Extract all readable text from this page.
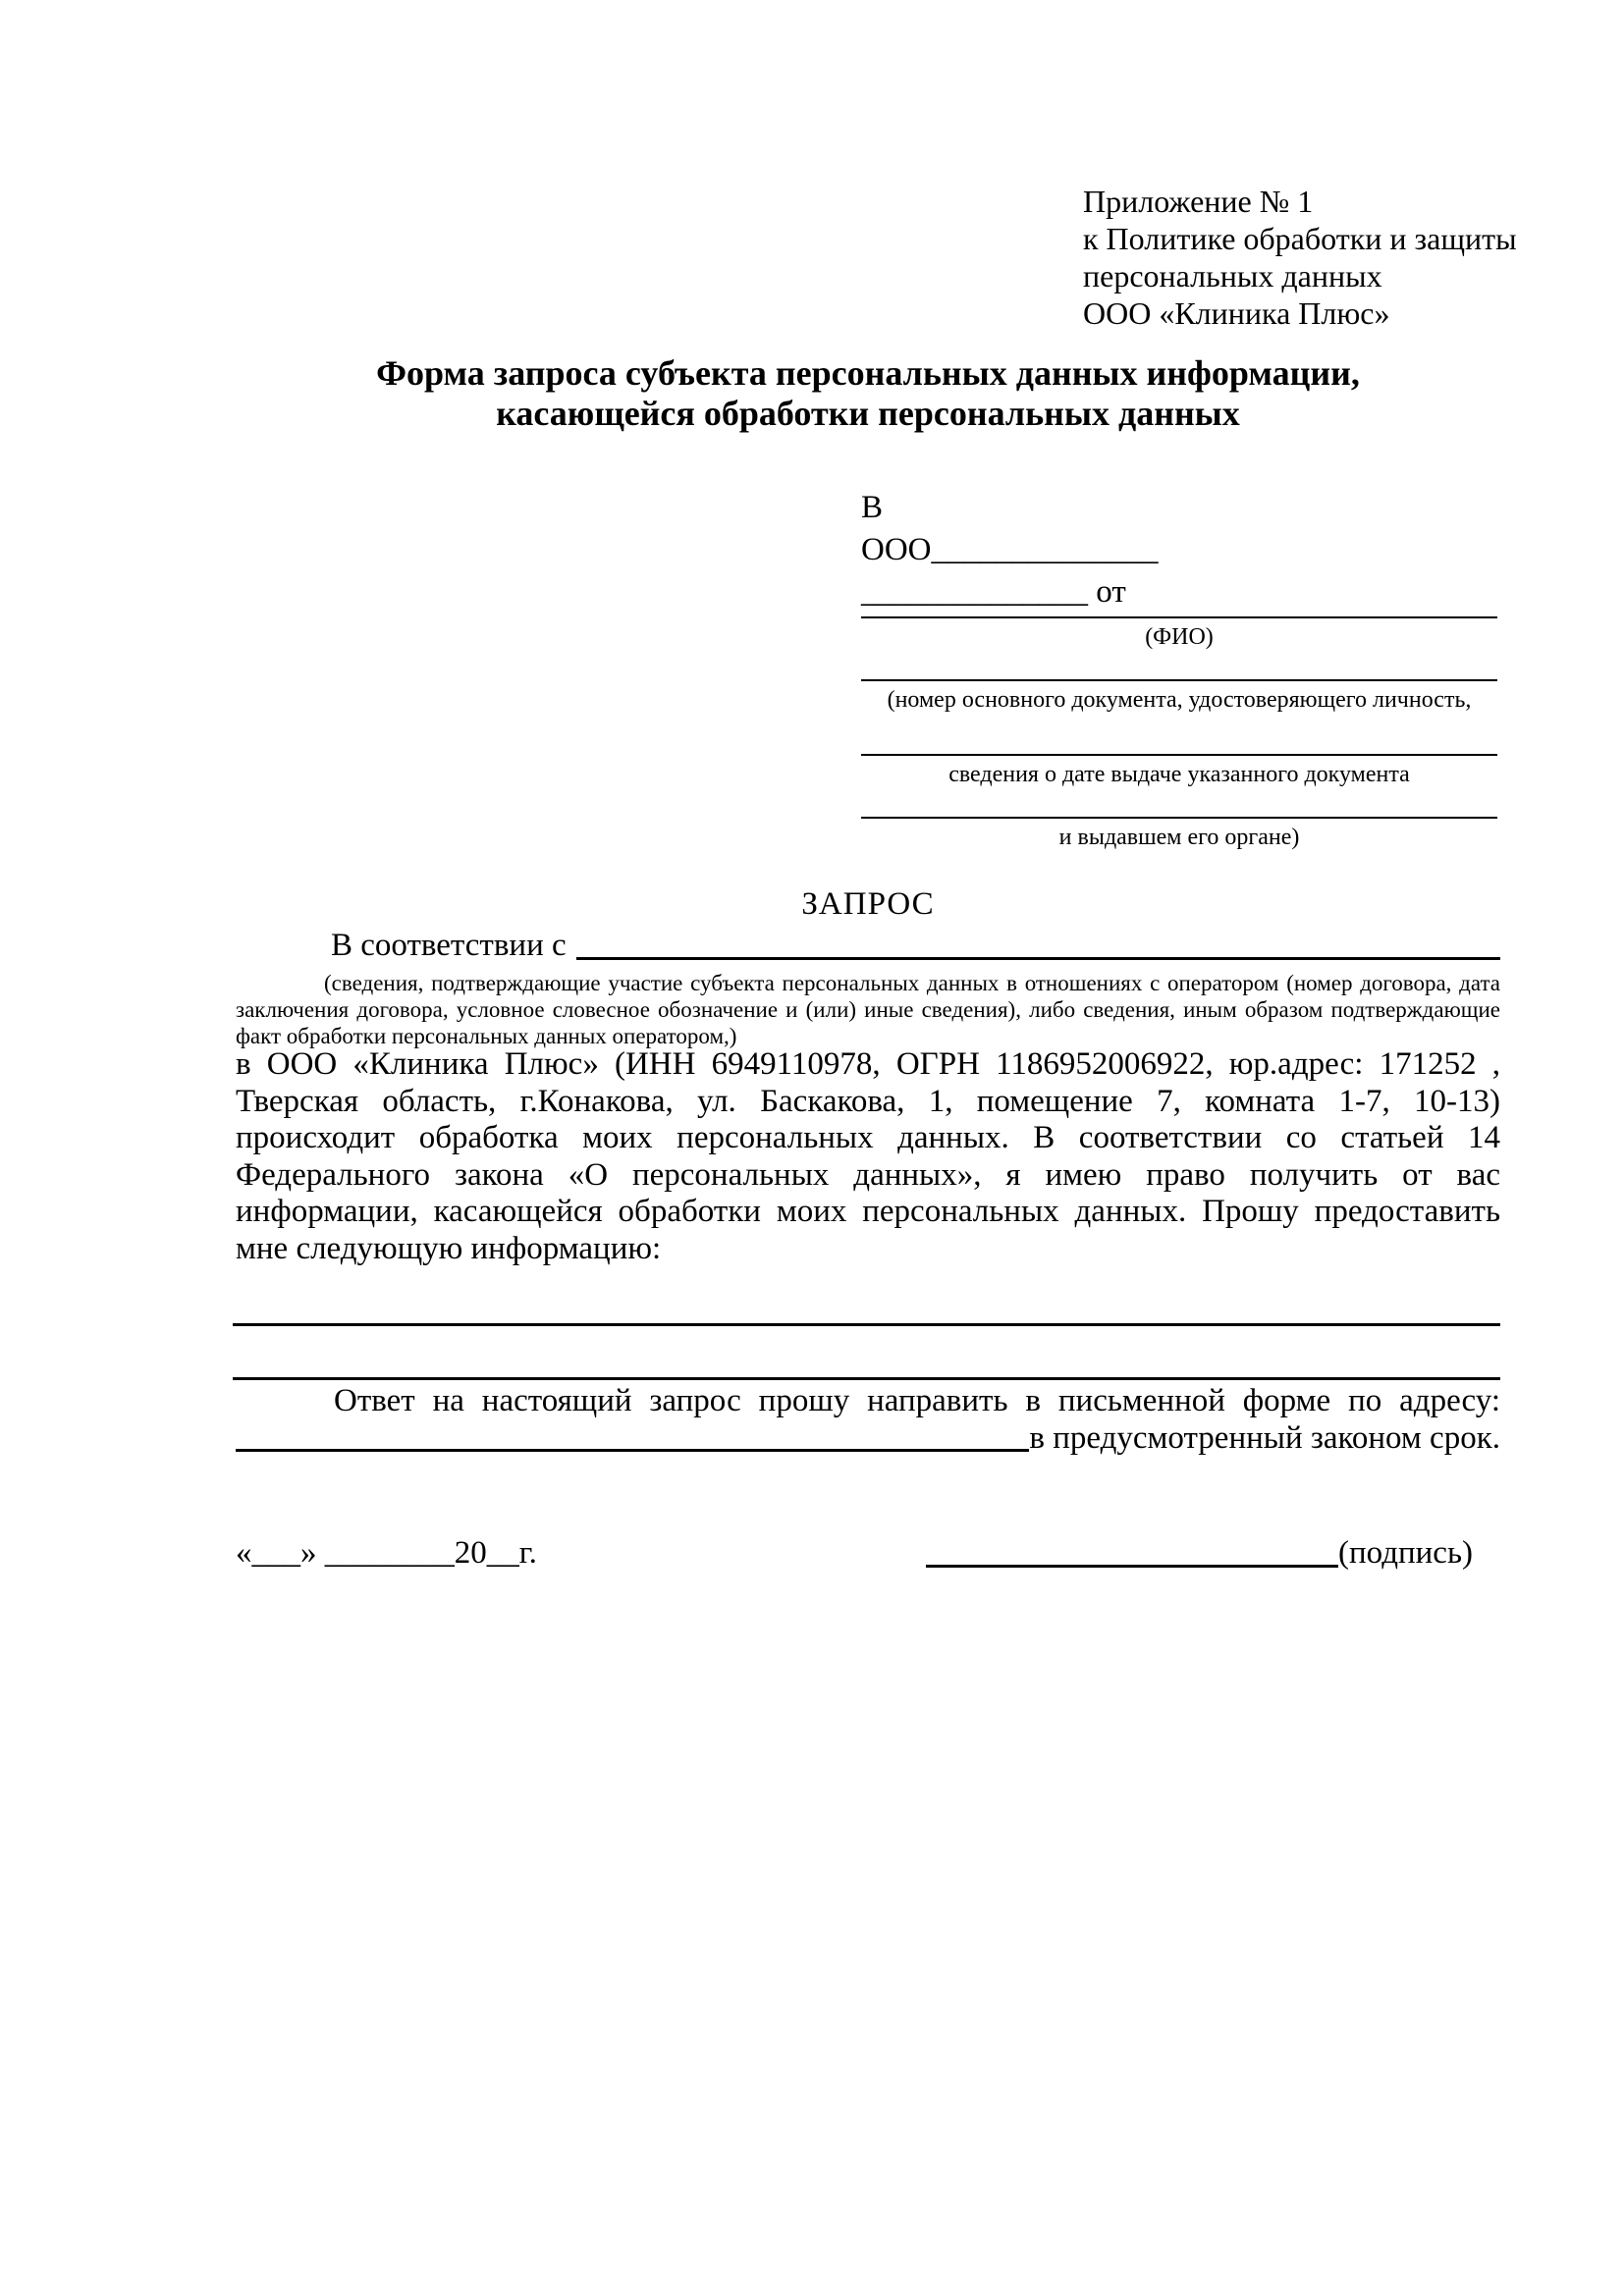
Приложение № 1
к Политике обработки и защиты
персональных данных
ООО «Клиника Плюс»
Форма запроса субъекта персональных данных информации,
касающейся обработки персональных данных
В
ООО______________
______________ от
(ФИО)
(номер основного документа, удостоверяющего личность,
сведения о дате выдаче указанного документа
и выдавшем его органе)
ЗАПРОС
В соответствии с
(сведения, подтверждающие участие субъекта персональных данных в отношениях с оператором (номер договора, дата заключения договора, условное словесное обозначение и (или) иные сведения), либо сведения, иным образом подтверждающие факт обработки персональных данных оператором,)
в ООО «Клиника Плюс» (ИНН 6949110978, ОГРН 1186952006922, юр.адрес: 171252 , Тверская область, г.Конакова, ул. Баскакова, 1, помещение 7, комната 1-7, 10-13) происходит обработка моих персональных данных. В соответствии со статьей 14 Федерального закона «О персональных данных», я имею право получить от вас информации, касающейся обработки моих персональных данных. Прошу предоставить мне следующую информацию:
Ответ на настоящий запрос прошу направить в письменной форме по адресу:
в предусмотренный законом срок.
«___» ________20__г.	(подпись)
